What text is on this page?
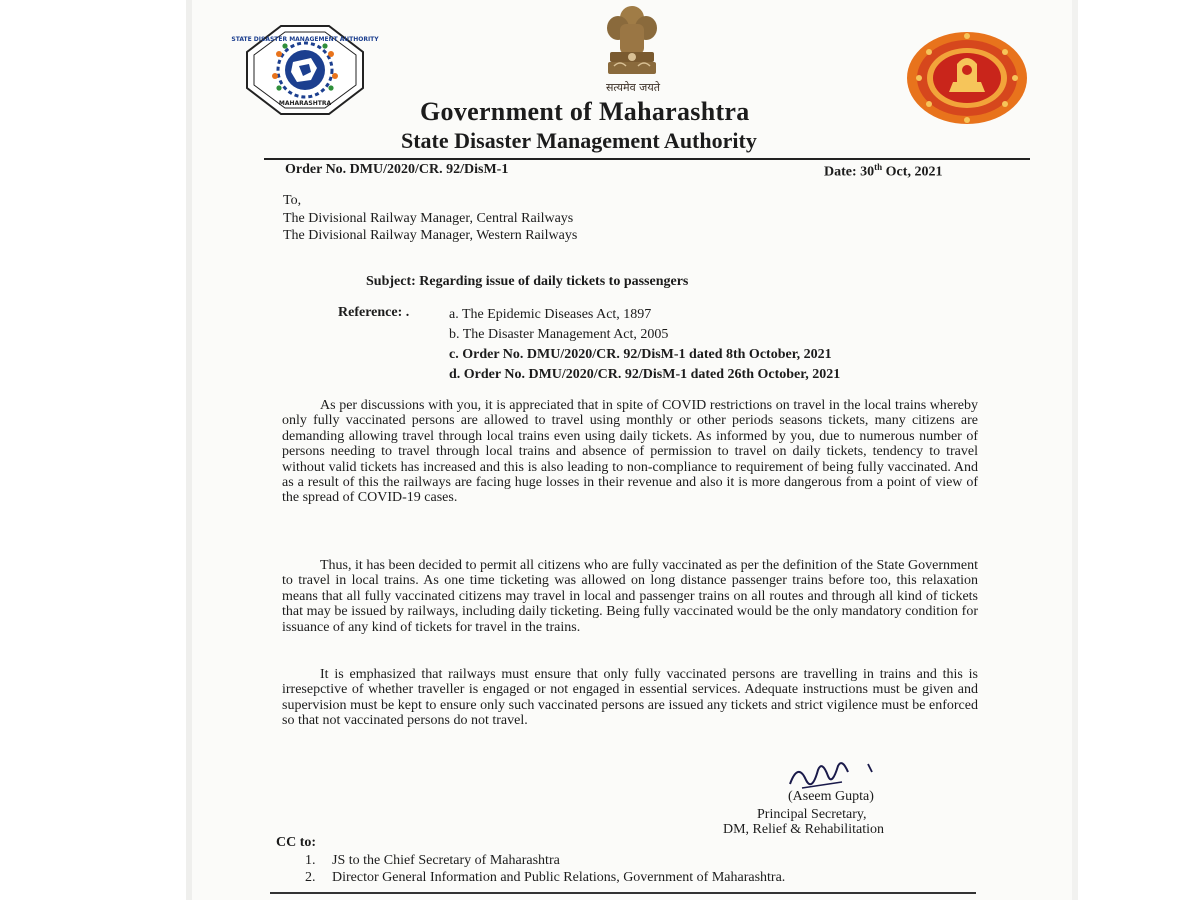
STATE DISASTER MANAGEMENT AUTHORITY
MAHARASHTRA
सत्यमेव जयते
Government of Maharashtra
State Disaster Management Authority
Order No. DMU/2020/CR. 92/DisM-1	Date: 30th Oct, 2021
To,
The Divisional Railway Manager, Central Railways
The Divisional Railway Manager, Western Railways
Subject: Regarding issue of daily tickets to passengers
Reference: .	a. The Epidemic Diseases Act, 1897
b. The Disaster Management Act, 2005
c. Order No. DMU/2020/CR. 92/DisM-1 dated 8th October, 2021
d. Order No. DMU/2020/CR. 92/DisM-1 dated 26th October, 2021
As per discussions with you, it is appreciated that in spite of COVID restrictions on travel in the local trains whereby only fully vaccinated persons are allowed to travel using monthly or other periods seasons tickets, many citizens are demanding allowing travel through local trains even using daily tickets. As informed by you, due to numerous number of persons needing to travel through local trains and absence of permission to travel on daily tickets, tendency to travel without valid tickets has increased and this is also leading to non-compliance to requirement of being fully vaccinated. And as a result of this the railways are facing huge losses in their revenue and also it is more dangerous from a point of view of the spread of COVID-19 cases.
Thus, it has been decided to permit all citizens who are fully vaccinated as per the definition of the State Government to travel in local trains. As one time ticketing was allowed on long distance passenger trains before too, this relaxation means that all fully vaccinated citizens may travel in local and passenger trains on all routes and through all kind of tickets that may be issued by railways, including daily ticketing. Being fully vaccinated would be the only mandatory condition for issuance of any kind of tickets for travel in the trains.
It is emphasized that railways must ensure that only fully vaccinated persons are travelling in trains and this is irresepctive of whether traveller is engaged or not engaged in essential services. Adequate instructions must be given and supervision must be kept to ensure only such vaccinated persons are issued any tickets and strict vigilence must be enforced so that not vaccinated persons do not travel.
(Aseem Gupta)
Principal Secretary,
DM, Relief & Rehabilitation
CC to:
1. JS to the Chief Secretary of Maharashtra
2. Director General Information and Public Relations, Government of Maharashtra.
